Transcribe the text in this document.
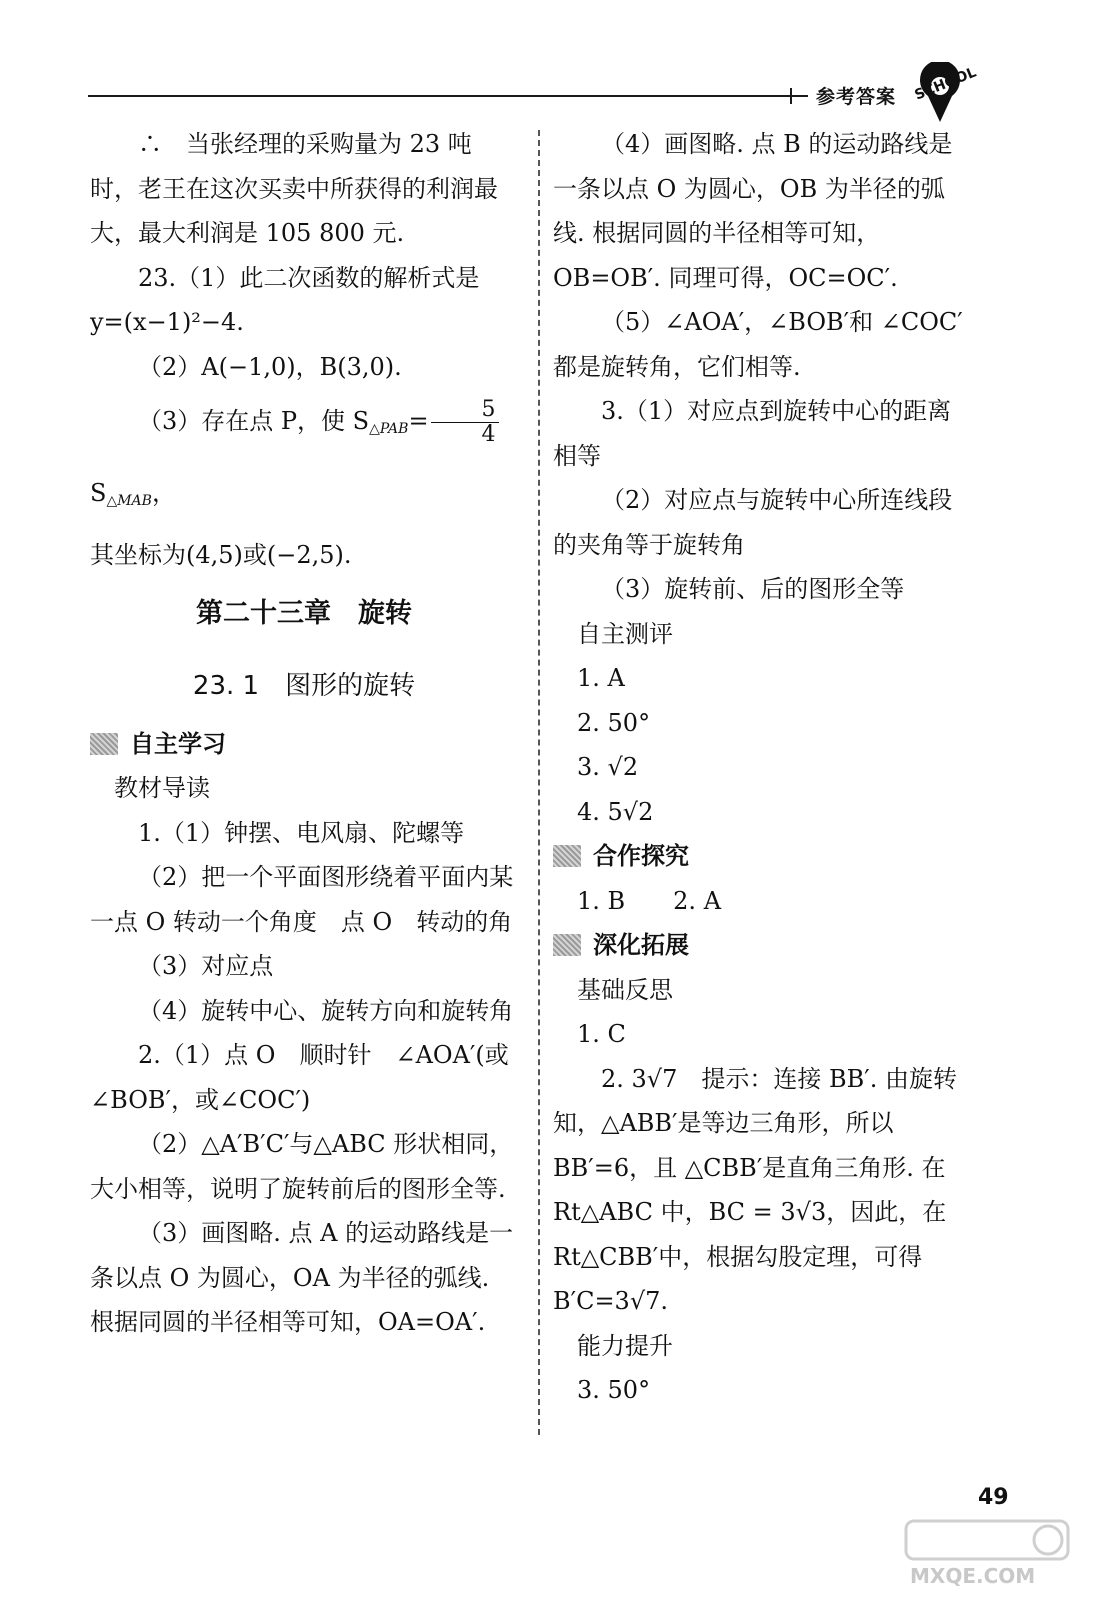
参考答案 SCHOOL

∴　当张经理的采购量为 23 吨时，老王在这次买卖中所获得的利润最大，最大利润是 105 800 元.

23.（1）此二次函数的解析式是 y=(x−1)²−4.

（2）A(−1,0)，B(3,0).

（3）存在点 P，使 $S_{\triangle PAB}= \frac{5}{4}$
$S_{\triangle MAB}$，

其坐标为(4,5)或(−2,5).

第二十三章　旋转

23. 1　图形的旋转

自主学习

教材导读

1.（1）钟摆、电风扇、陀螺等

（2）把一个平面图形绕着平面内某一点 O 转动一个角度　点 O　转动的角

（3）对应点

（4）旋转中心、旋转方向和旋转角

2.（1）点 O　顺时针　∠AOA′(或∠BOB′，或∠COC′)

（2）△A′B′C′与△ABC 形状相同，大小相等，说明了旋转前后的图形全等.

（3）画图略. 点 A 的运动路线是一条以点 O 为圆心，OA 为半径的弧线. 根据同圆的半径相等可知，OA=OA′.

（4）画图略. 点 B 的运动路线是一条以点 O 为圆心，OB 为半径的弧线. 根据同圆的半径相等可知，OB=OB′. 同理可得，OC=OC′.

（5）∠AOA′，∠BOB′和 ∠COC′都是旋转角，它们相等.

3.（1）对应点到旋转中心的距离相等

（2）对应点与旋转中心所连线段的夹角等于旋转角

（3）旋转前、后的图形全等

自主测评

1. A

2. 50°

3. √2

4. 5√2

合作探究

1. B　　2. A

深化拓展

基础反思

1. C

2. 3√7　提示：连接 BB′. 由旋转知，△ABB′是等边三角形，所以 BB′=6，且 △CBB′是直角三角形. 在 Rt△ABC 中，BC = 3√3，因此，在 Rt△CBB′中，根据勾股定理，可得 B′C=3√7.

能力提升

3. 50°

49
MXQE.COM
